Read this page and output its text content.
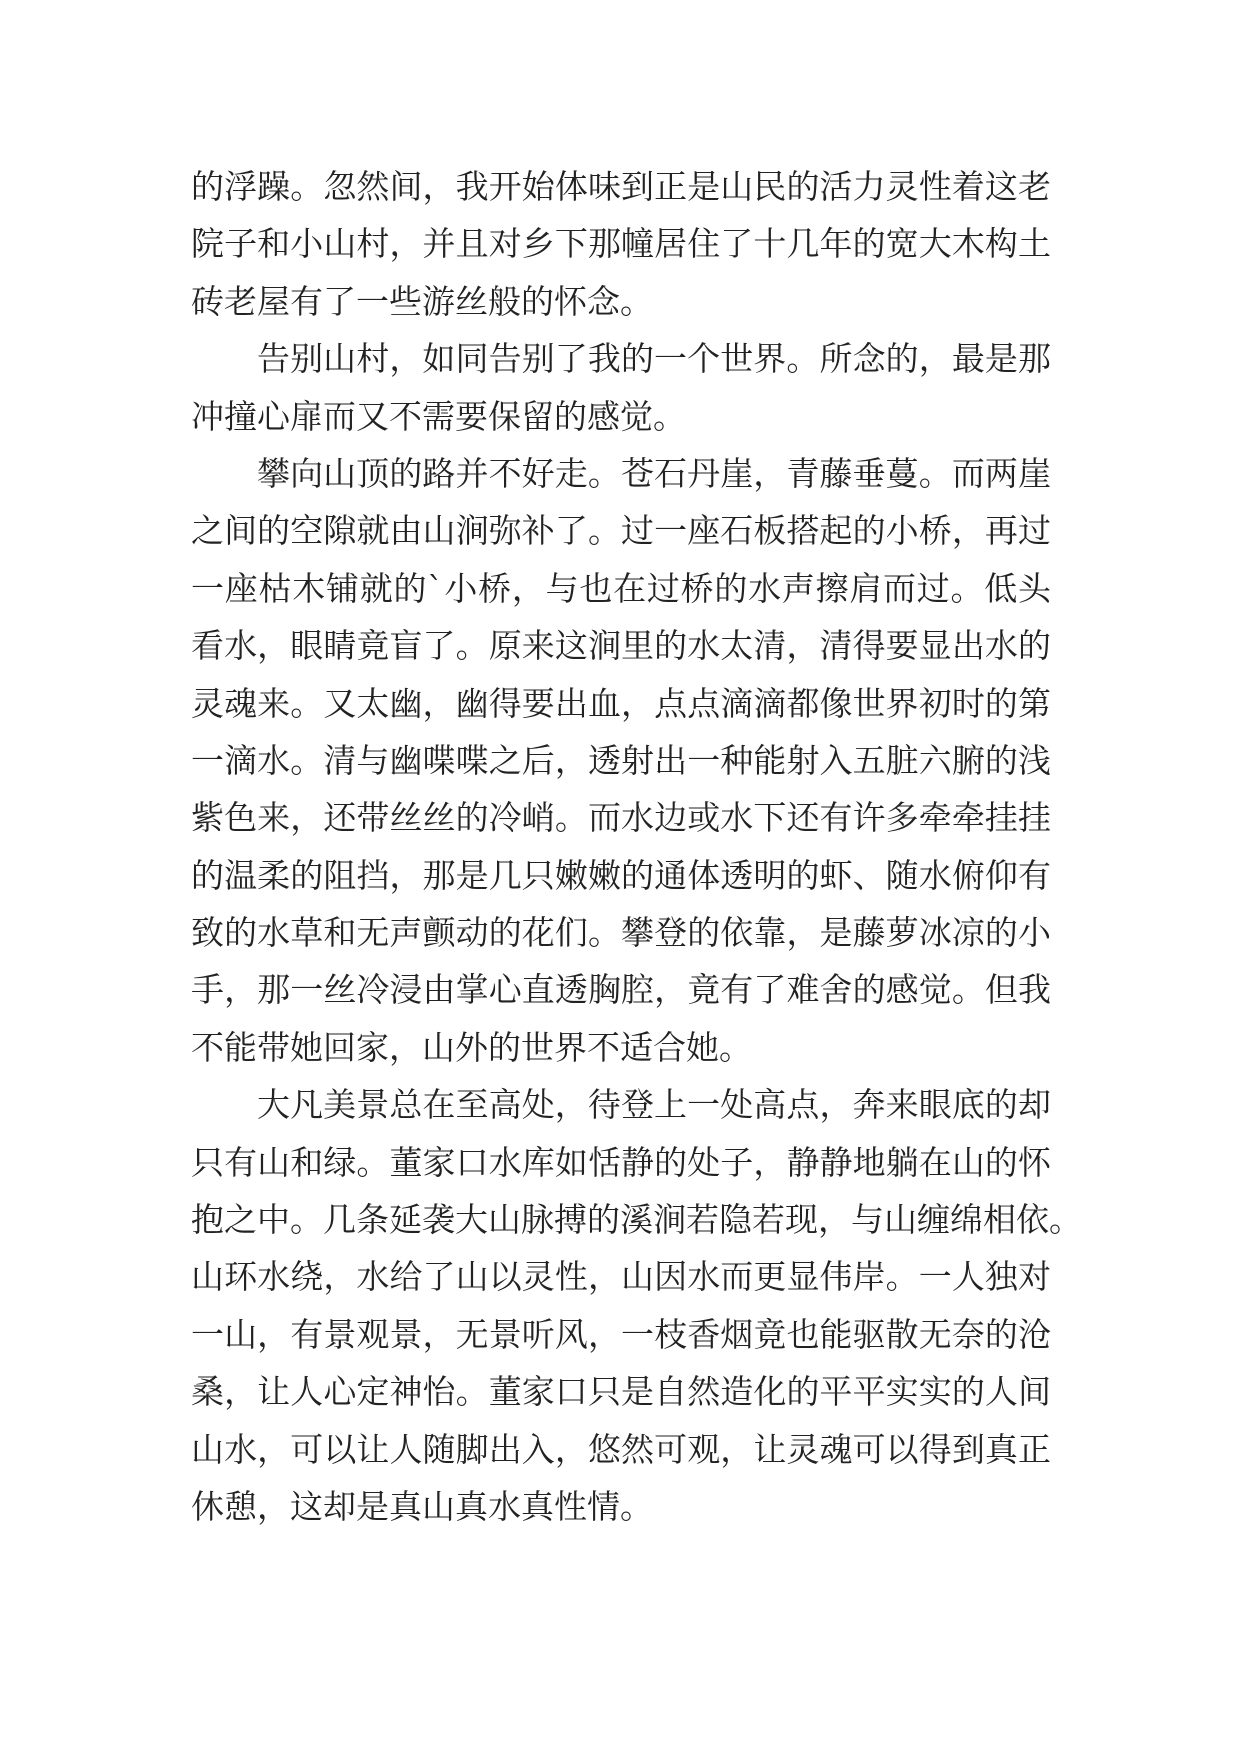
的浮躁。忽然间，我开始体味到正是山民的活力灵性着这老
院子和小山村，并且对乡下那幢居住了十几年的宽大木构土
砖老屋有了一些游丝般的怀念。
告别山村，如同告别了我的一个世界。所念的，最是那
冲撞心扉而又不需要保留的感觉。
攀向山顶的路并不好走。苍石丹崖，青藤垂蔓。而两崖
之间的空隙就由山涧弥补了。过一座石板搭起的小桥，再过
一座枯木铺就的`小桥，与也在过桥的水声擦肩而过。低头
看水，眼睛竟盲了。原来这涧里的水太清，清得要显出水的
灵魂来。又太幽，幽得要出血，点点滴滴都像世界初时的第
一滴水。清与幽喋喋之后，透射出一种能射入五脏六腑的浅
紫色来，还带丝丝的冷峭。而水边或水下还有许多牵牵挂挂
的温柔的阻挡，那是几只嫩嫩的通体透明的虾、随水俯仰有
致的水草和无声颤动的花们。攀登的依靠，是藤萝冰凉的小
手，那一丝冷浸由掌心直透胸腔，竟有了难舍的感觉。但我
不能带她回家，山外的世界不适合她。
大凡美景总在至高处，待登上一处高点，奔来眼底的却
只有山和绿。董家口水库如恬静的处子，静静地躺在山的怀
抱之中。几条延袭大山脉搏的溪涧若隐若现，与山缠绵相依。
山环水绕，水给了山以灵性，山因水而更显伟岸。一人独对
一山，有景观景，无景听风，一枝香烟竟也能驱散无奈的沧
桑，让人心定神怡。董家口只是自然造化的平平实实的人间
山水，可以让人随脚出入，悠然可观，让灵魂可以得到真正
休憩，这却是真山真水真性情。
